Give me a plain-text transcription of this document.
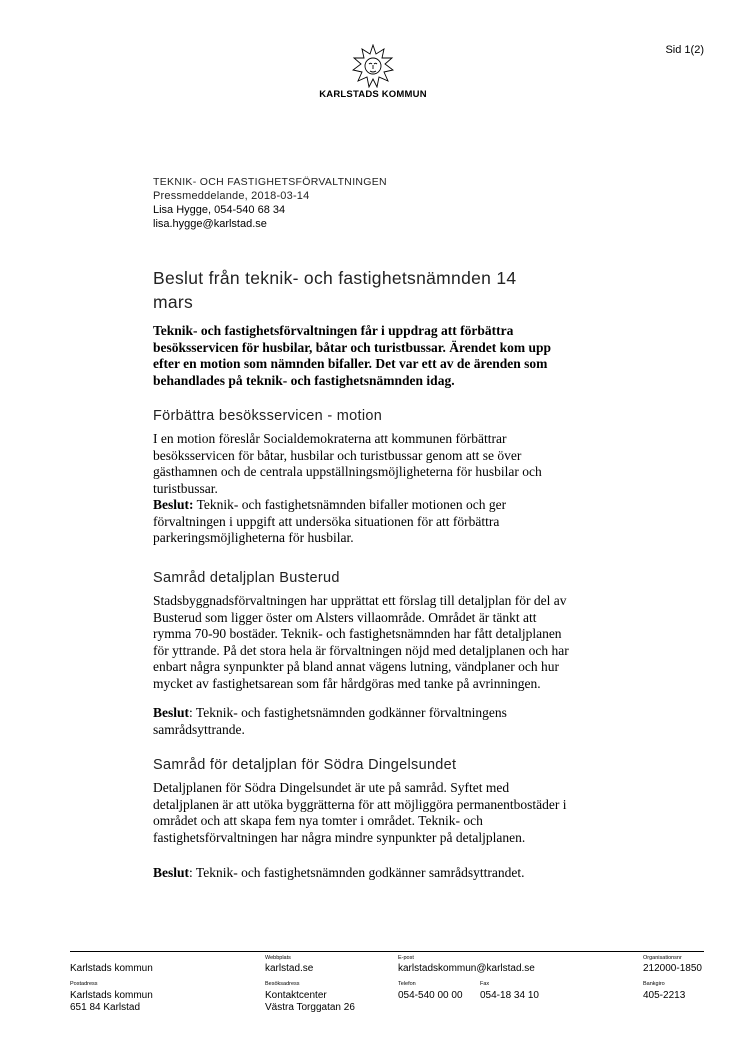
Sid 1(2)
KARLSTADS KOMMUN
TEKNIK- OCH FASTIGHETSFÖRVALTNINGEN
Pressmeddelande, 2018-03-14
Lisa Hygge, 054-540 68 34
lisa.hygge@karlstad.se
Beslut från teknik- och fastighetsnämnden 14
mars
Teknik- och fastighetsförvaltningen får i uppdrag att förbättra
besöksservicen för husbilar, båtar och turistbussar. Ärendet kom upp
efter en motion som nämnden bifaller. Det var ett av de ärenden som
behandlades på teknik- och fastighetsnämnden idag.
Förbättra besöksservicen - motion
I en motion föreslår Socialdemokraterna att kommunen förbättrar
besöksservicen för båtar, husbilar och turistbussar genom att se över
gästhamnen och de centrala uppställningsmöjligheterna för husbilar och
turistbussar.
Beslut: Teknik- och fastighetsnämnden bifaller motionen och ger
förvaltningen i uppgift att undersöka situationen för att förbättra
parkeringsmöjligheterna för husbilar.
Samråd detaljplan Busterud
Stadsbyggnadsförvaltningen har upprättat ett förslag till detaljplan för del av
Busterud som ligger öster om Alsters villaområde. Området är tänkt att
rymma 70-90 bostäder. Teknik- och fastighetsnämnden har fått detaljplanen
för yttrande. På det stora hela är förvaltningen nöjd med detaljplanen och har
enbart några synpunkter på bland annat vägens lutning, vändplaner och hur
mycket av fastighetsarean som får hårdgöras med tanke på avrinningen.
Beslut: Teknik- och fastighetsnämnden godkänner förvaltningens
samrådsyttrande.
Samråd för detaljplan för Södra Dingelsundet
Detaljplanen för Södra Dingelsundet är ute på samråd. Syftet med
detaljplanen är att utöka byggrätterna för att möjliggöra permanentbostäder i
området och att skapa fem nya tomter i området. Teknik- och
fastighetsförvaltningen har några mindre synpunkter på detaljplanen.
Beslut: Teknik- och fastighetsnämnden godkänner samrådsyttrandet.
Karlstads kommun
Webbplats
karlstad.se
E-post
karlstadskommun@karlstad.se
Organisationsnr
212000-1850
Postadress
Karlstads kommun
651 84 Karlstad
Besöksadress
Kontaktcenter
Västra Torggatan 26
Telefon
054-540 00 00
Fax
054-18 34 10
Bankgiro
405-2213
